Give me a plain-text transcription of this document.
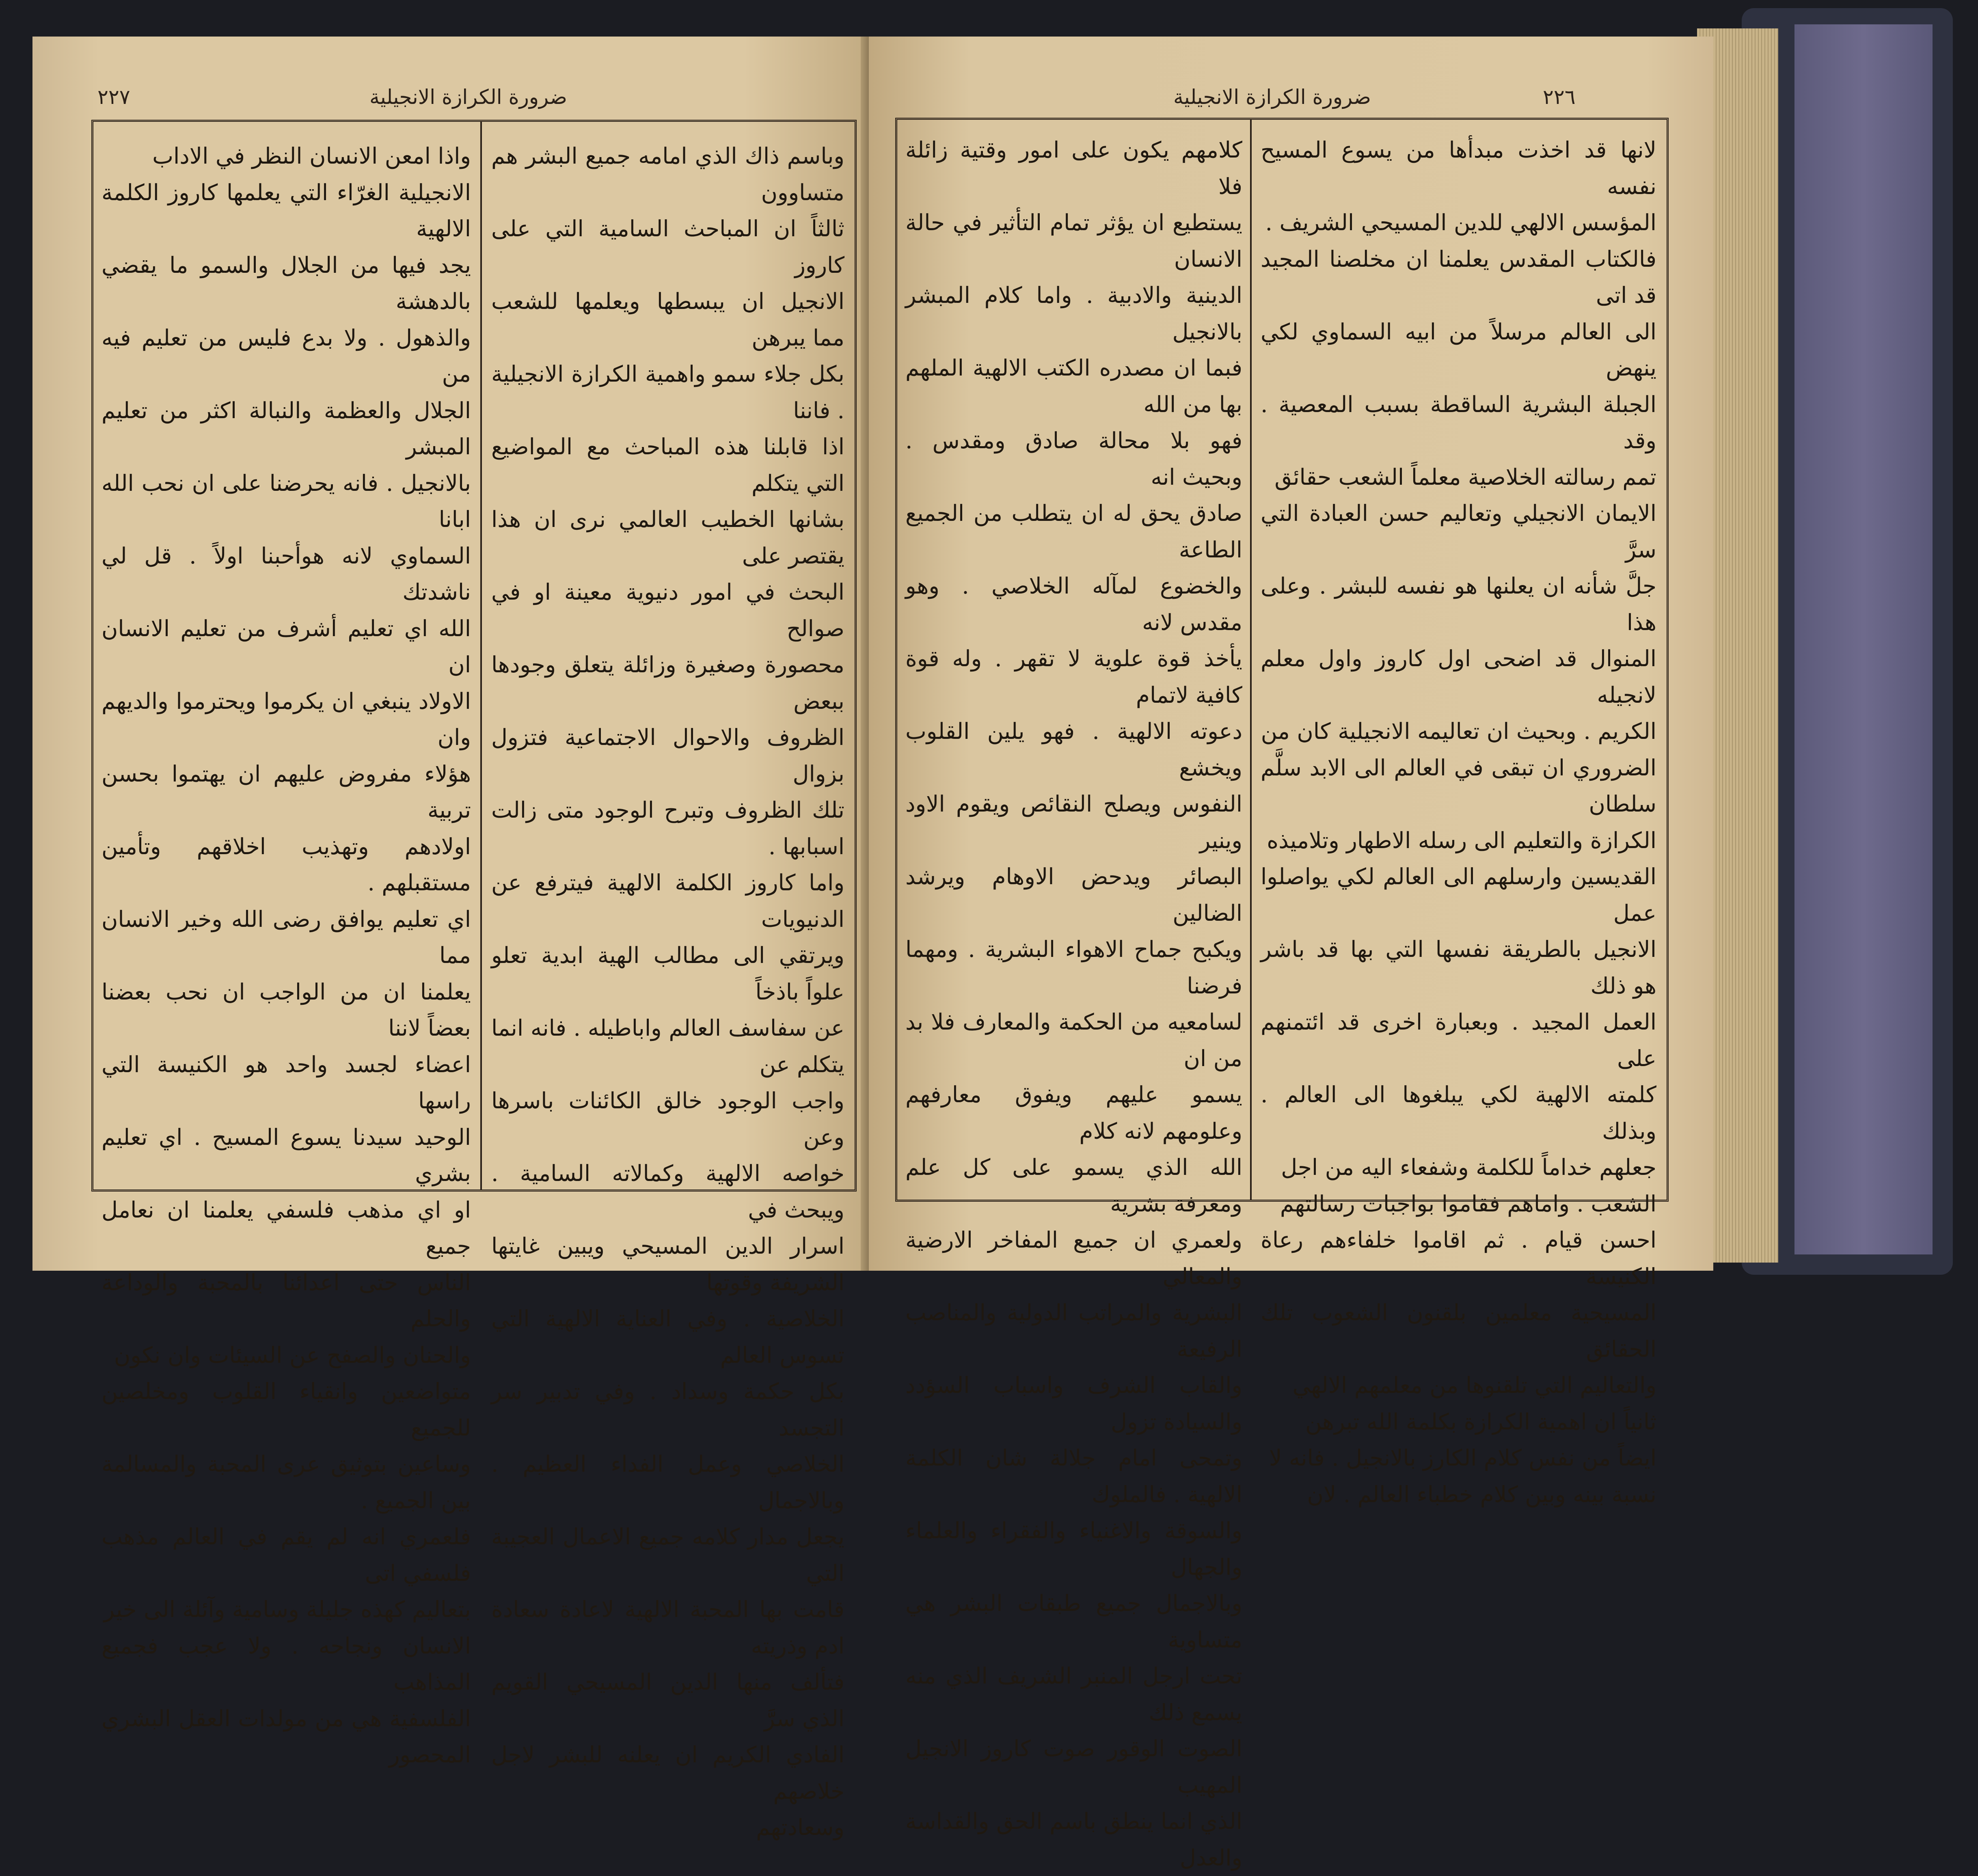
٢٢٧	ضرورة الكرازة الانجيلية

وباسم ذاك الذي امامه جميع البشر هم متساوون

ثالثاً ان المباحث السامية التي على كاروز

الانجيل ان يبسطها ويعلمها للشعب مما يبرهن

بكل جلاء سمو واهمية الكرازة الانجيلية . فاننا

اذا قابلنا هذه المباحث مع المواضيع التي يتكلم

بشانها الخطيب العالمي نرى ان هذا يقتصر على

البحث في امور دنيوية معينة او في صوالح

محصورة وصغيرة وزائلة يتعلق وجودها ببعض

الظروف والاحوال الاجتماعية فتزول بزوال

تلك الظروف وتبرح الوجود متى زالت اسبابها .

واما كاروز الكلمة الالهية فيترفع عن الدنيويات

ويرتقي الى مطالب الهية ابدية تعلو علواً باذخاً

عن سفاسف العالم واباطيله . فانه انما يتكلم عن

واجب الوجود خالق الكائنات باسرها وعن

خواصه الالهية وكمالاته السامية . ويبحث في

اسرار الدين المسيحي ويبين غايتها الشريفة وقوتها

الخلاصية . وفي العناية الالهية التي تسوس العالم

بكل حكمة وسداد . وفي تدبير سر التجسد

الخلاصي وعمل الفداء العظيم . وبالاجمال

يجعل مدار كلامه جميع الاعمال العجيبة التي

قامت بها المحبة الالهية لاعادة سعادة ادم وذريته

فتألف منها الدين المسيحي القويم الذي سرَّ

الفادي الكريم ان يعلنه للبشر لاجل خلاصهم

وسعادتهم

واذا امعن الانسان النظر في الاداب

الانجيلية الغرّاء التي يعلمها كاروز الكلمة الالهية

يجد فيها من الجلال والسمو ما يقضي بالدهشة

والذهول . ولا بدع فليس من تعليم فيه من

الجلال والعظمة والنبالة اكثر من تعليم المبشر

بالانجيل . فانه يحرضنا على ان نحب الله ابانا

السماوي لانه هوأحبنا اولاً . قل لي ناشدتك

الله اي تعليم أشرف من تعليم الانسان ان

الاولاد ينبغي ان يكرموا ويحترموا والديهم وان

هؤلاء مفروض عليهم ان يهتموا بحسن تربية

اولادهم وتهذيب اخلاقهم وتأمين مستقبلهم .

اي تعليم يوافق رضى الله وخير الانسان مما

يعلمنا ان من الواجب ان نحب بعضنا بعضاً لاننا

اعضاء لجسد واحد هو الكنيسة التي راسها

الوحيد سيدنا يسوع المسيح . اي تعليم بشري

او اي مذهب فلسفي يعلمنا ان نعامل جميع

الناس حتى اعدائنا بالمحبة والوداعة والحلم

والحنان والصفح عن السيئات وان نكون

متواضعين وانقياء القلوب ومخلصين للجميع

وساعين بتوثيق عرى المحبة والمسالمة بين الجميع .

فلعمري انه لم يقم في العالم مذهب فلسفي اتى

بتعاليم كهذه جليلة وسامية وآئلة الى خير

الانسان ونجاحه . ولا عجب فجميع المذاهب

الفلسفية هي من مولدات العقل البشري المحصور

٢٢٦
ضرورة الكرازة الانجيلية

لانها قد اخذت مبدأها من يسوع المسيح نفسه

المؤسس الالهي للدين المسيحي الشريف .

فالكتاب المقدس يعلمنا ان مخلصنا المجيد قد اتى

الى العالم مرسلاً من ابيه السماوي لكي ينهض

الجبلة البشرية الساقطة بسبب المعصية . وقد

تمم رسالته الخلاصية معلماً الشعب حقائق

الايمان الانجيلي وتعاليم حسن العبادة التي سرَّ

جلَّ شأنه ان يعلنها هو نفسه للبشر . وعلى هذا

المنوال قد اضحى اول كاروز واول معلم لانجيله

الكريم . وبحيث ان تعاليمه الانجيلية كان من

الضروري ان تبقى في العالم الى الابد سلَّم سلطان

الكرازة والتعليم الى رسله الاطهار وتلاميذه

القديسين وارسلهم الى العالم لكي يواصلوا عمل

الانجيل بالطريقة نفسها التي بها قد باشر هو ذلك

العمل المجيد . وبعبارة اخرى قد ائتمنهم على

كلمته الالهية لكي يبلغوها الى العالم . وبذلك

جعلهم خداماً للكلمة وشفعاء اليه من اجل

الشعب . واماهم فقاموا بواجبات رسالتهم

احسن قيام . ثم اقاموا خلفاءهم رعاة الكنيسة

المسيحية معلمين بلقنون الشعوب تلك الحقائق

والتعاليم التي تلقنوها من معلمهم الالهي

ثانياً ان اهمية الكرازة بكلمة الله تبرهن

ايضاً من نفس كلام الكارز بالانجيل . فانه لا

نسبة بينه وبين كلام خطباء العالم . لان

كلامهم يكون على امور وقتية زائلة فلا

يستطيع ان يؤثر تمام التأثير في حالة الانسان

الدينية والادبية . واما كلام المبشر بالانجيل

فبما ان مصدره الكتب الالهية الملهم بها من الله

فهو بلا محالة صادق ومقدس . وبحيث انه

صادق يحق له ان يتطلب من الجميع الطاعة

والخضوع لمآله الخلاصي . وهو مقدس لانه

يأخذ قوة علوية لا تقهر . وله قوة كافية لاتمام

دعوته الالهية . فهو يلين القلوب ويخشع

النفوس ويصلح النقائص ويقوم الاود وينير

البصائر ويدحض الاوهام ويرشد الضالين

ويكبح جماح الاهواء البشرية . ومهما فرضنا

لسامعيه من الحكمة والمعارف فلا بد من ان

يسمو عليهم ويفوق معارفهم وعلومهم لانه كلام

الله الذي يسمو على كل علم ومعرفة بشرية

ولعمري ان جميع المفاخر الارضية والمعالي

البشرية والمراتب الدولية والمناصب الرفيعة

والقاب الشرف واسباب السؤدد والسيادة تزول

وتمحى امام جلالة شان الكلمة الالهية . فالملوك

والسوقة والاغنياء والفقراء والعلماء والجهال

وبالاجمال جميع طبقات البشر هي متساوية

تحت ارجل المنبر الشريف الذي منه يسمع ذلك

الصوت الوقور صوت كاروز الانجيل المهيب

الذي انما ينطق باسم الحق والقداسة والعدل
